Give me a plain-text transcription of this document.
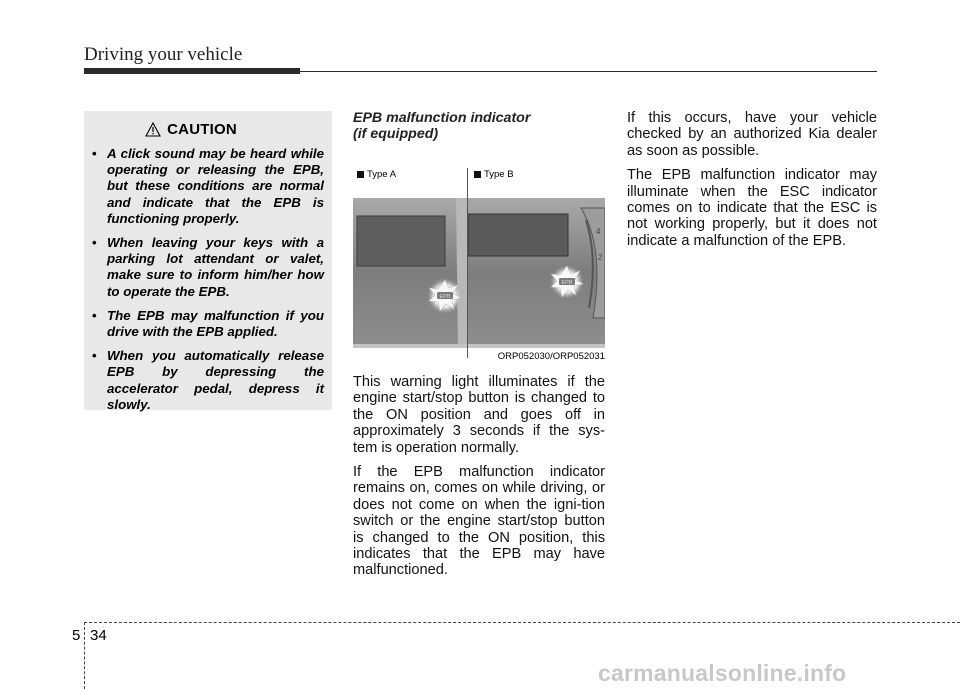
Driving your vehicle
CAUTION
• A click sound may be heard while operating or releasing the EPB, but these conditions are normal and indicate that the EPB is functioning properly.
• When leaving your keys with a parking lot attendant or valet, make sure to inform him/her how to operate the EPB.
• The EPB may malfunction if you drive with the EPB applied.
• When you automatically release EPB by depressing the accelerator pedal, depress it slowly.
EPB malfunction indicator
(if equipped)
EPB
4
2
EPB
Type A	Type B
ORP052030/ORP052031

This warning light illuminates if the engine start/stop button is changed to the ON position and goes off in approximately 3 seconds if the sys-tem is operation normally.

If the EPB malfunction indicator remains on, comes on while driving, or does not come on when the igni-tion switch or the engine start/stop button is changed to the ON position, this indicates that the EPB may have malfunctioned.

If this occurs, have your vehicle checked by an authorized Kia dealer as soon as possible.

The EPB malfunction indicator may illuminate when the ESC indicator comes on to indicate that the ESC is not working properly, but it does not indicate a malfunction of the EPB.

5 34
carmanualsonline.info
